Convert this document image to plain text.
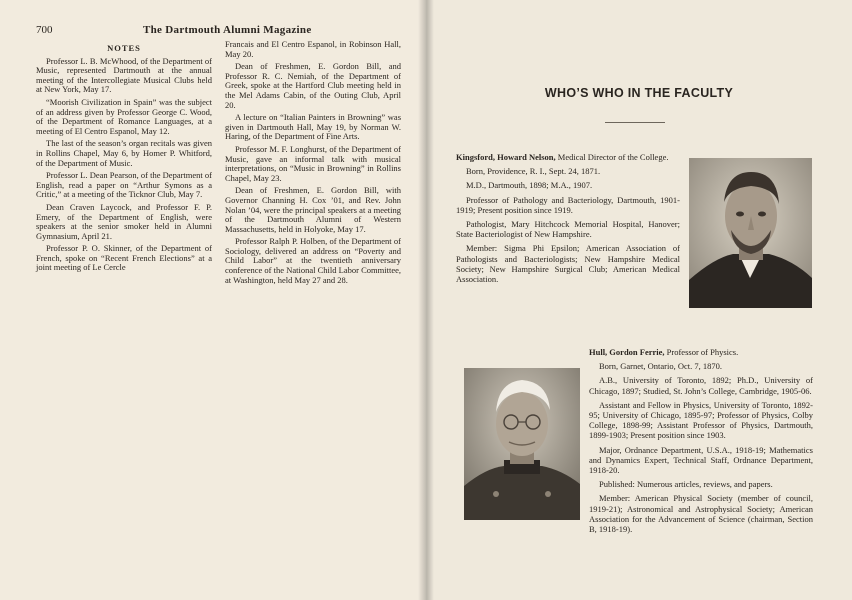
700	The Dartmouth Alumni Magazine
NOTES

Professor L. B. McWhood, of the Department of Music, represented Dartmouth at the annual meeting of the Intercollegiate Musical Clubs held at New York, May 17.

“Moorish Civilization in Spain” was the subject of an address given by Professor George C. Wood, of the Department of Romance Languages, at a meeting of El Centro Espanol, May 12.

The last of the season’s organ recitals was given in Rollins Chapel, May 6, by Homer P. Whitford, of the Department of Music.

Professor L. Dean Pearson, of the Department of English, read a paper on “Arthur Symons as a Critic,” at a meeting of the Ticknor Club, May 7.

Dean Craven Laycock, and Professor F. P. Emery, of the Department of English, were speakers at the senior smoker held in Alumni Gymnasium, April 21.

Professor P. O. Skinner, of the Department of French, spoke on “Recent French Elections” at a joint meeting of Le Cercle

Francais and El Centro Espanol, in Robinson Hall, May 20.

Dean of Freshmen, E. Gordon Bill, and Professor R. C. Nemiah, of the Department of Greek, spoke at the Hartford Club meeting held in the Mel Adams Cabin, of the Outing Club, April 20.

A lecture on “Italian Painters in Browning” was given in Dartmouth Hall, May 19, by Norman W. Haring, of the Department of Fine Arts.

Professor M. F. Longhurst, of the Department of Music, gave an informal talk with musical interpretations, on “Music in Browning” in Rollins Chapel, May 23.

Dean of Freshmen, E. Gordon Bill, with Governor Channing H. Cox ’01, and Rev. John Nolan ’04, were the principal speakers at a meeting of the Dartmouth Alumni of Western Massachusetts, held in Holyoke, May 17.

Professor Ralph P. Holben, of the Department of Sociology, delivered an address on “Poverty and Child Labor” at the twentieth anniversary conference of the National Child Labor Committee, at Washington, held May 27 and 28.

WHO’S WHO IN THE FACULTY

Kingsford, Howard Nelson, Medical Director of the College.

Born, Providence, R. I., Sept. 24, 1871.

M.D., Dartmouth, 1898; M.A., 1907.

Professor of Pathology and Bacteriology, Dartmouth, 1901-1919; Present position since 1919.

Pathologist, Mary Hitchcock Memorial Hospital, Hanover; State Bacteriologist of New Hampshire.

Member: Sigma Phi Epsilon; American Association of Pathologists and Bacteriologists; New Hampshire Medical Society; New Hampshire Surgical Club; American Medical Association.

Hull, Gordon Ferrie, Professor of Physics.

Born, Garnet, Ontario, Oct. 7, 1870.

A.B., University of Toronto, 1892; Ph.D., University of Chicago, 1897; Studied, St. John’s College, Cambridge, 1905-06.

Assistant and Fellow in Physics, University of Toronto, 1892-95; University of Chicago, 1895-97; Professor of Physics, Colby College, 1898-99; Assistant Professor of Physics, Dartmouth, 1899-1903; Present position since 1903.

Major, Ordnance Department, U.S.A., 1918-19; Mathematics and Dynamics Expert, Technical Staff, Ordnance Department, 1918-20.

Published: Numerous articles, reviews, and papers.

Member: American Physical Society (member of council, 1919-21); Astronomical and Astrophysical Society; American Association for the Advancement of Science (chairman, Section B, 1918-19).
